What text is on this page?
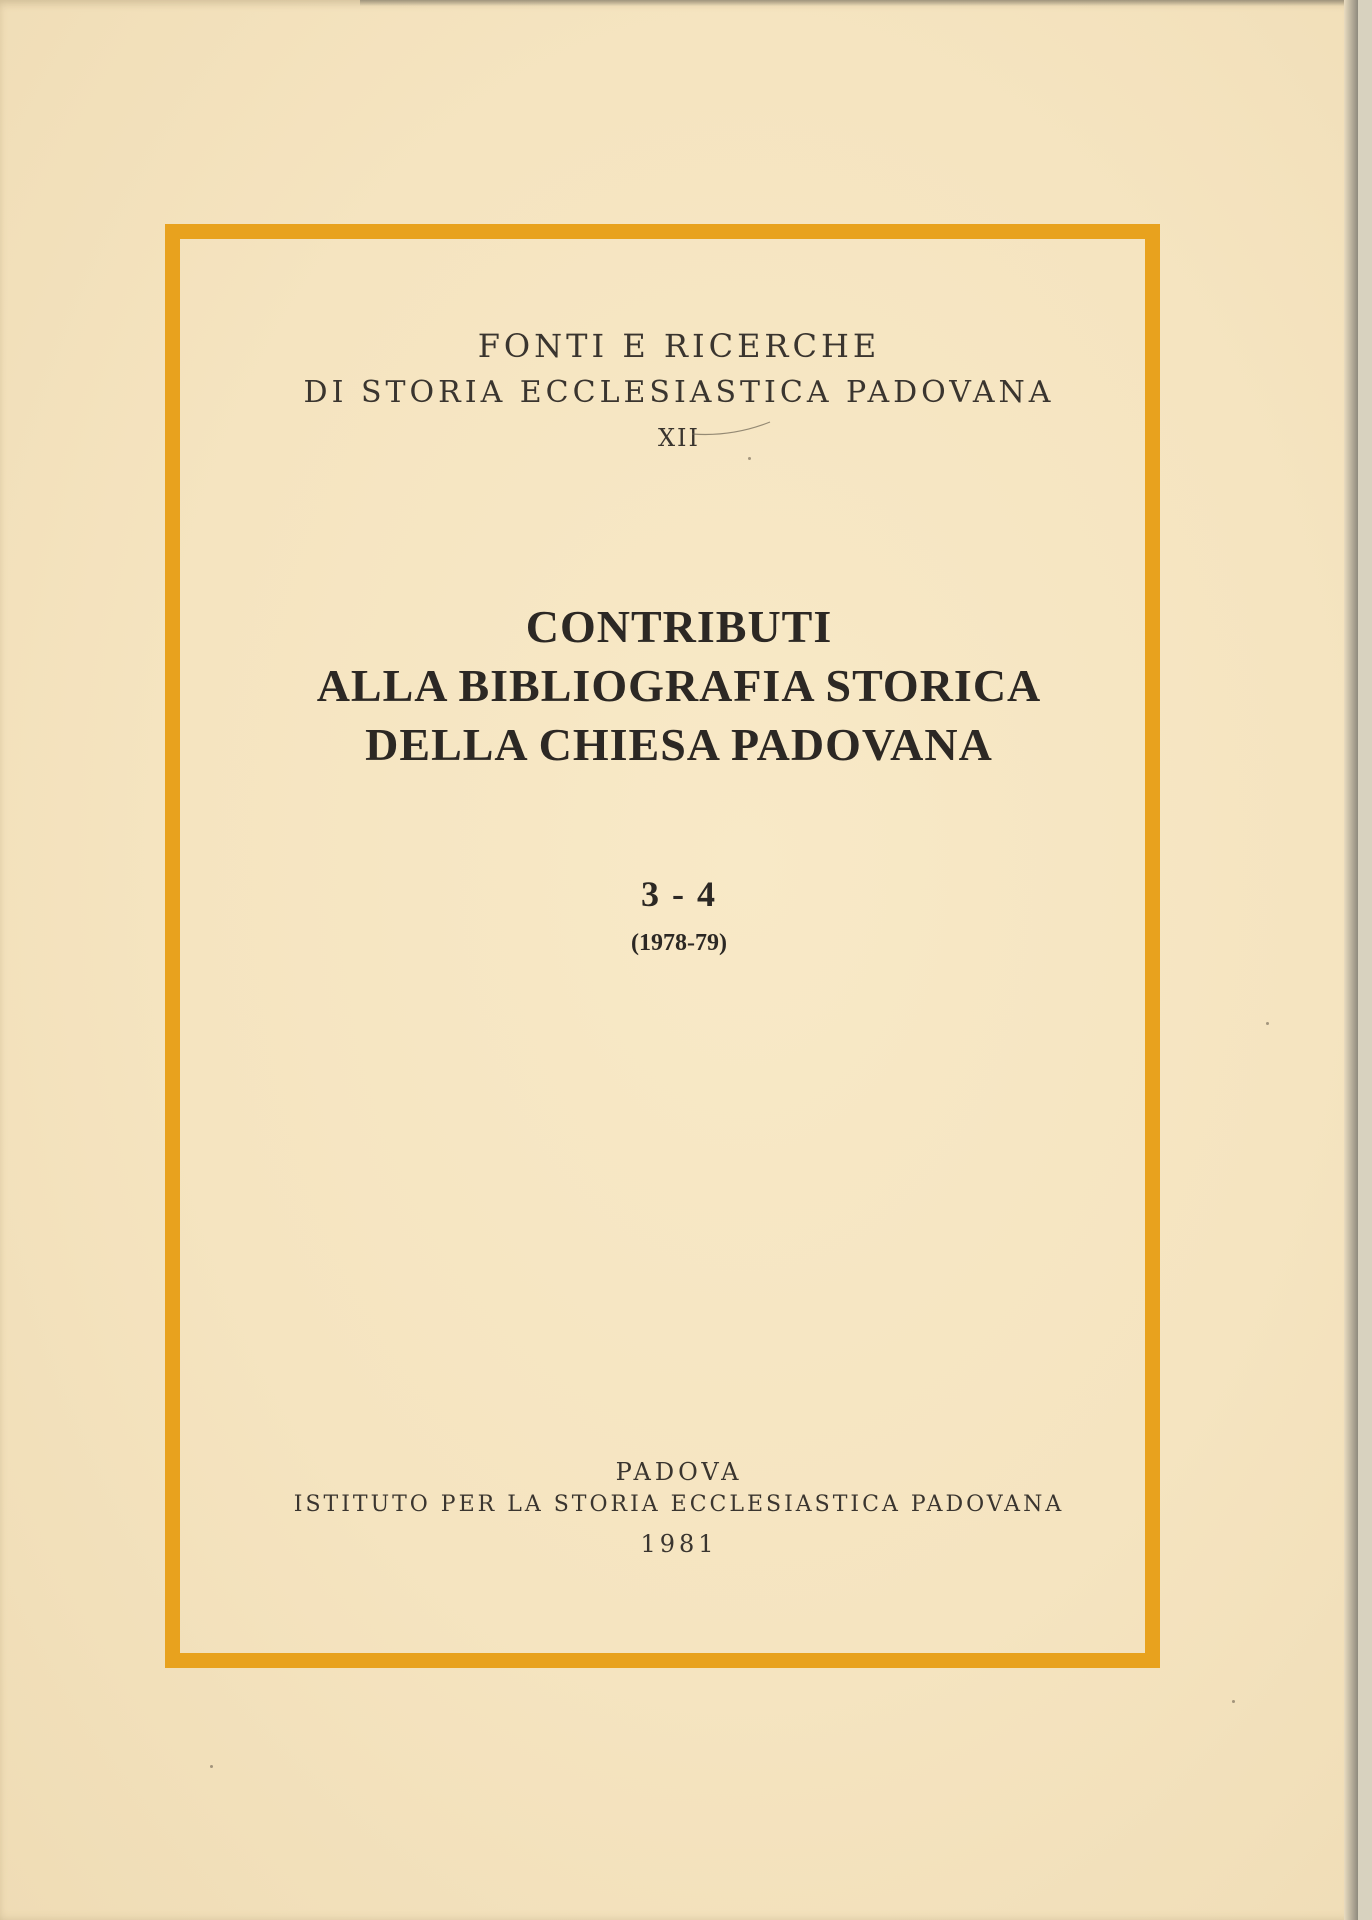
FONTI E RICERCHE
DI STORIA ECCLESIASTICA PADOVANA
XII
CONTRIBUTI
ALLA BIBLIOGRAFIA STORICA
DELLA CHIESA PADOVANA
3 - 4
(1978-79)
PADOVA
ISTITUTO PER LA STORIA ECCLESIASTICA PADOVANA
1981
